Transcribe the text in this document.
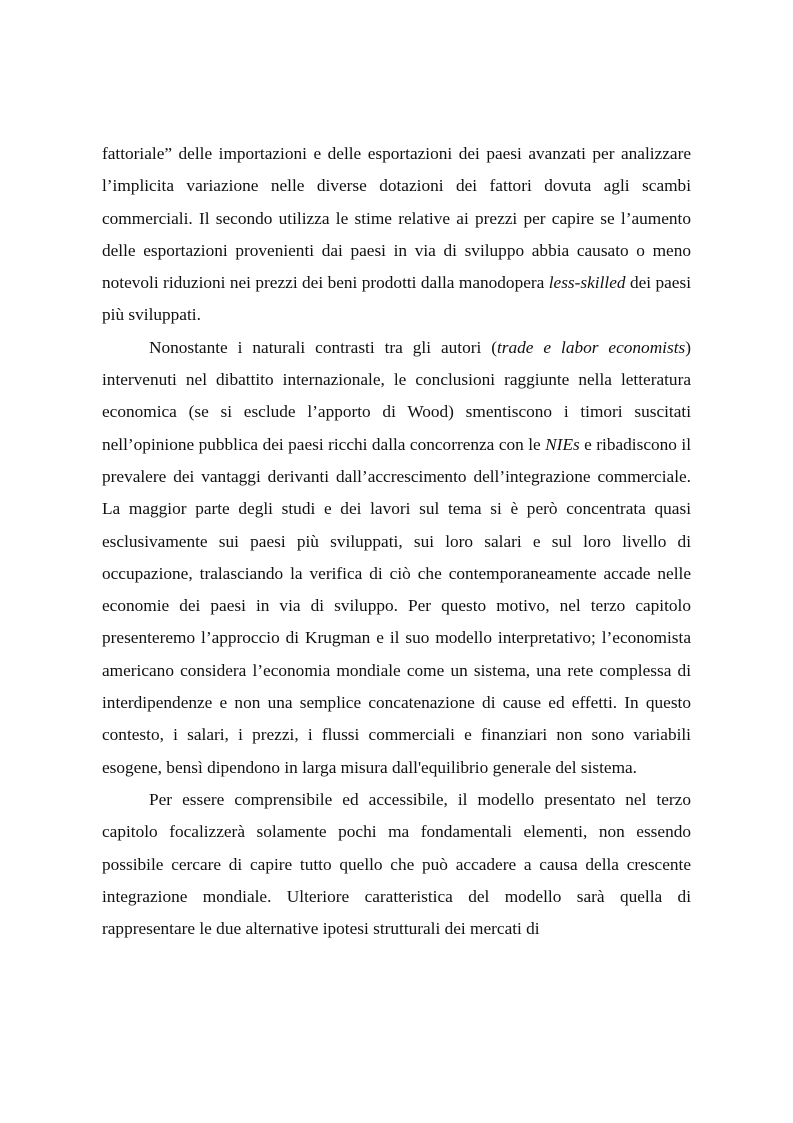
fattoriale” delle importazioni e delle esportazioni dei paesi avanzati per analizzare l’implicita variazione nelle diverse dotazioni dei fattori dovuta agli scambi commerciali. Il secondo utilizza le stime relative ai prezzi per capire se l’aumento delle esportazioni provenienti dai paesi in via di sviluppo abbia causato o meno notevoli riduzioni nei prezzi dei beni prodotti dalla manodopera less-skilled dei paesi più sviluppati.

Nonostante i naturali contrasti tra gli autori (trade e labor economists) intervenuti nel dibattito internazionale, le conclusioni raggiunte nella letteratura economica (se si esclude l’apporto di Wood) smentiscono i timori suscitati nell’opinione pubblica dei paesi ricchi dalla concorrenza con le NIEs e ribadiscono il prevalere dei vantaggi derivanti dall’accrescimento dell’integrazione commerciale. La maggior parte degli studi e dei lavori sul tema si è però concentrata quasi esclusivamente sui paesi più sviluppati, sui loro salari e sul loro livello di occupazione, tralasciando la verifica di ciò che contemporaneamente accade nelle economie dei paesi in via di sviluppo. Per questo motivo, nel terzo capitolo presenteremo l’approccio di Krugman e il suo modello interpretativo; l’economista americano considera l’economia mondiale come un sistema, una rete complessa di interdipendenze e non una semplice concatenazione di cause ed effetti. In questo contesto, i salari, i prezzi, i flussi commerciali e finanziari non sono variabili esogene, bensì dipendono in larga misura dall'equilibrio generale del sistema.

Per essere comprensibile ed accessibile, il modello presentato nel terzo capitolo focalizzerà solamente pochi ma fondamentali elementi, non essendo possibile cercare di capire tutto quello che può accadere a causa della crescente integrazione mondiale. Ulteriore caratteristica del modello sarà quella di rappresentare le due alternative ipotesi strutturali dei mercati di
